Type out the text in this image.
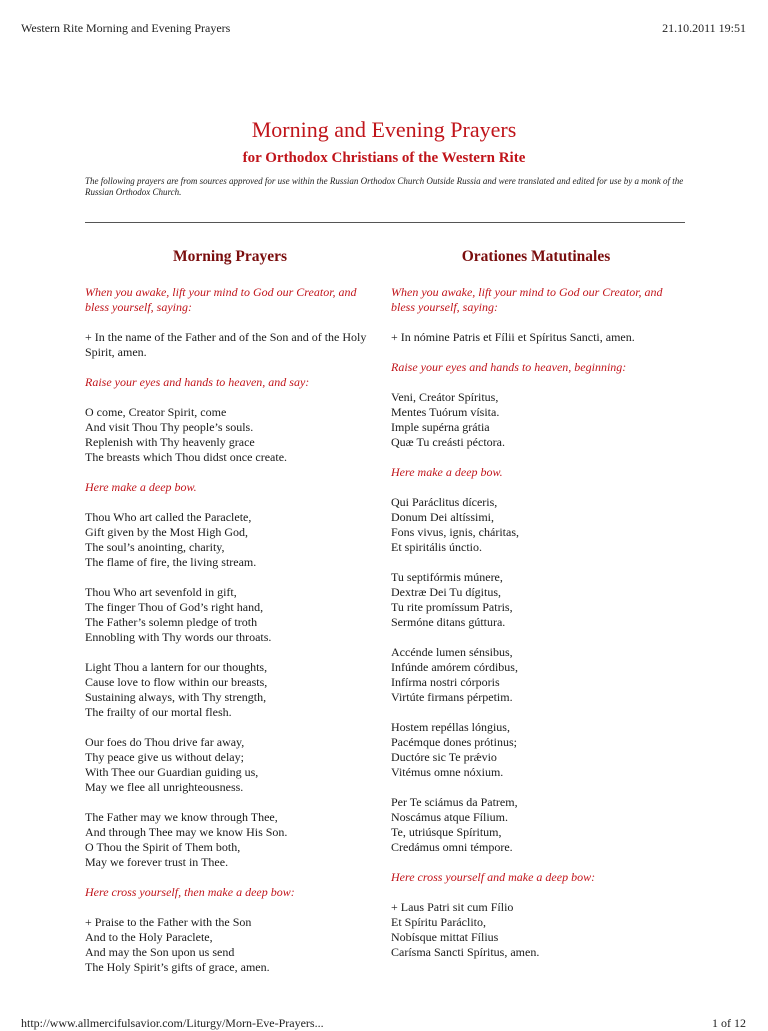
Western Rite Morning and Evening Prayers	21.10.2011 19:51
Morning and Evening Prayers
for Orthodox Christians of the Western Rite
The following prayers are from sources approved for use within the Russian Orthodox Church Outside Russia and were translated and edited for use by a monk of the Russian Orthodox Church.
Morning Prayers
When you awake, lift your mind to God our Creator, and bless yourself, saying:
+ In the name of the Father and of the Son and of the Holy Spirit, amen.
Raise your eyes and hands to heaven, and say:
O come, Creator Spirit, come
And visit Thou Thy people’s souls.
Replenish with Thy heavenly grace
The breasts which Thou didst once create.
Here make a deep bow.
Thou Who art called the Paraclete,
Gift given by the Most High God,
The soul’s anointing, charity,
The flame of fire, the living stream.
Thou Who art sevenfold in gift,
The finger Thou of God’s right hand,
The Father’s solemn pledge of troth
Ennobling with Thy words our throats.
Light Thou a lantern for our thoughts,
Cause love to flow within our breasts,
Sustaining always, with Thy strength,
The frailty of our mortal flesh.
Our foes do Thou drive far away,
Thy peace give us without delay;
With Thee our Guardian guiding us,
May we flee all unrighteousness.
The Father may we know through Thee,
And through Thee may we know His Son.
O Thou the Spirit of Them both,
May we forever trust in Thee.
Here cross yourself, then make a deep bow:
+ Praise to the Father with the Son
And to the Holy Paraclete,
And may the Son upon us send
The Holy Spirit’s gifts of grace, amen.
Orationes Matutinales
When you awake, lift your mind to God our Creator, and bless yourself, saying:
+ In nómine Patris et Fílii et Spíritus Sancti, amen.
Raise your eyes and hands to heaven, beginning:
Veni, Creátor Spíritus,
Mentes Tuórum vísita.
Imple supérna grátia
Quæ Tu creásti péctora.
Here make a deep bow.
Qui Paráclitus díceris,
Donum Dei altíssimi,
Fons vivus, ignis, cháritas,
Et spiritális únctio.
Tu septifórmis múnere,
Dextræ Dei Tu dígitus,
Tu rite promíssum Patris,
Sermóne ditans gúttura.
Accénde lumen sénsibus,
Infúnde amórem córdibus,
Infírma nostri córporis
Virtúte firmans pérpetim.
Hostem repéllas lóngius,
Pacémque dones prótinus;
Ductóre sic Te prǽvio
Vitémus omne nóxium.
Per Te sciámus da Patrem,
Noscámus atque Fílium.
Te, utriúsque Spíritum,
Credámus omni témpore.
Here cross yourself and make a deep bow:
+ Laus Patri sit cum Fílio
Et Spíritu Paráclito,
Nobísque mittat Fílius
Carísma Sancti Spíritus, amen.
http://www.allmercifulsavior.com/Liturgy/Morn-Eve-Prayers...	1 of 12
